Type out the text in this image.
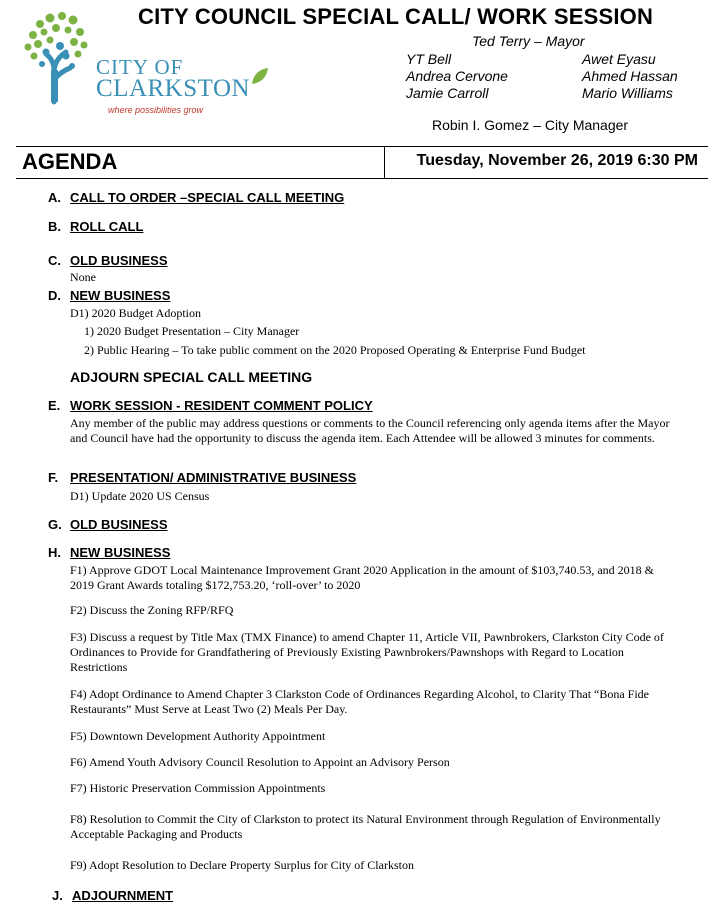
CITY OF
CLARKSTON
where possibilities grow
CITY COUNCIL SPECIAL CALL/ WORK SESSION
Ted Terry – Mayor
YT Bell
Andrea Cervone
Jamie Carroll
Awet Eyasu
Ahmed Hassan
Mario Williams
Robin I. Gomez – City Manager
AGENDA	Tuesday, November 26, 2019 6:30 PM
A. CALL TO ORDER –SPECIAL CALL MEETING
B. ROLL CALL
C. OLD BUSINESS
None
D. NEW BUSINESS
D1) 2020 Budget Adoption
1) 2020 Budget Presentation – City Manager
2) Public Hearing – To take public comment on the 2020 Proposed Operating & Enterprise Fund Budget
ADJOURN SPECIAL CALL MEETING
E. WORK SESSION - RESIDENT COMMENT POLICY
Any member of the public may address questions or comments to the Council referencing only agenda items after the Mayor and Council have had the opportunity to discuss the agenda item. Each Attendee will be allowed 3 minutes for comments.
F. PRESENTATION/ ADMINISTRATIVE BUSINESS
D1) Update 2020 US Census
G. OLD BUSINESS
H. NEW BUSINESS
F1) Approve GDOT Local Maintenance Improvement Grant 2020 Application in the amount of $103,740.53, and 2018 & 2019 Grant Awards totaling $172,753.20, ‘roll-over’ to 2020
F2) Discuss the Zoning RFP/RFQ
F3) Discuss a request by Title Max (TMX Finance) to amend Chapter 11, Article VII, Pawnbrokers, Clarkston City Code of Ordinances to Provide for Grandfathering of Previously Existing Pawnbrokers/Pawnshops with Regard to Location Restrictions
F4) Adopt Ordinance to Amend Chapter 3 Clarkston Code of Ordinances Regarding Alcohol, to Clarity That “Bona Fide Restaurants” Must Serve at Least Two (2) Meals Per Day.
F5) Downtown Development Authority Appointment
F6) Amend Youth Advisory Council Resolution to Appoint an Advisory Person
F7) Historic Preservation Commission Appointments
F8) Resolution to Commit the City of Clarkston to protect its Natural Environment through Regulation of Environmentally Acceptable Packaging and Products
F9) Adopt Resolution to Declare Property Surplus for City of Clarkston
J. ADJOURNMENT
